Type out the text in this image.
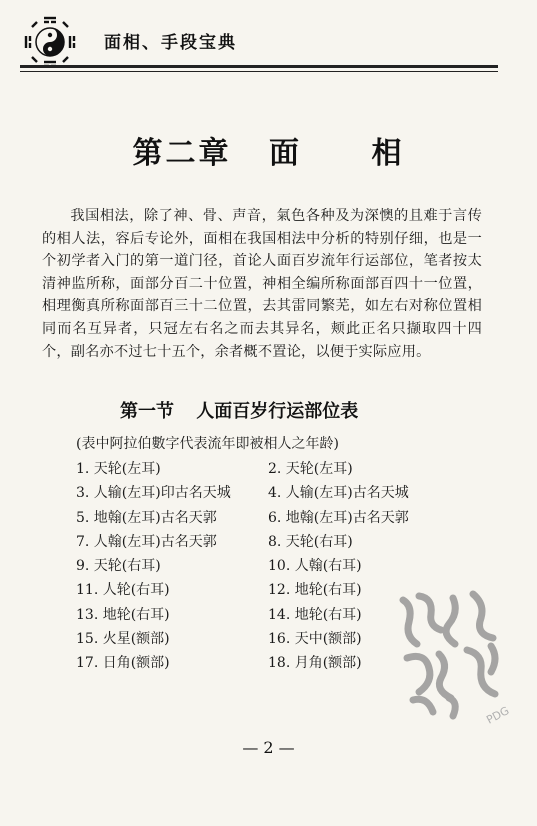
面相、手段宝典
第二章 面 相
我国相法，除了神、骨、声音，氣色各种及为深懊的且难于言传的相人法，容后专论外，面相在我国相法中分析的特别仔细，也是一个初学者入门的第一道门径，首论人面百岁流年行运部位，笔者按太清神监所称，面部分百二十位置，神相全编所称面部百四十一位置，相理衡真所称面部百三十二位置，去其雷同繁芜，如左右对称位置相同而名互异者，只冠左右名之而去其异名，颊此正名只撷取四十四个，副名亦不过七十五个，余者概不置论，以便于实际应用。
第一节 人面百岁行运部位表
(表中阿拉伯數字代表流年即被相人之年龄)
1. 天轮(左耳)	2. 天轮(左耳)
3. 人输(左耳)印古名天城	4. 人输(左耳)古名天城
5. 地翰(左耳)古名天郭	6. 地翰(左耳)古名天郭
7. 人翰(左耳)古名天郭	8. 天轮(右耳)
9. 天轮(右耳)	10. 人翰(右耳)
11. 人轮(右耳)	12. 地轮(右耳)
13. 地轮(右耳)	14. 地轮(右耳)
15. 火星(额部)	16. 天中(额部)
17. 日角(额部)	18. 月角(额部)
PDG
— 2 —
